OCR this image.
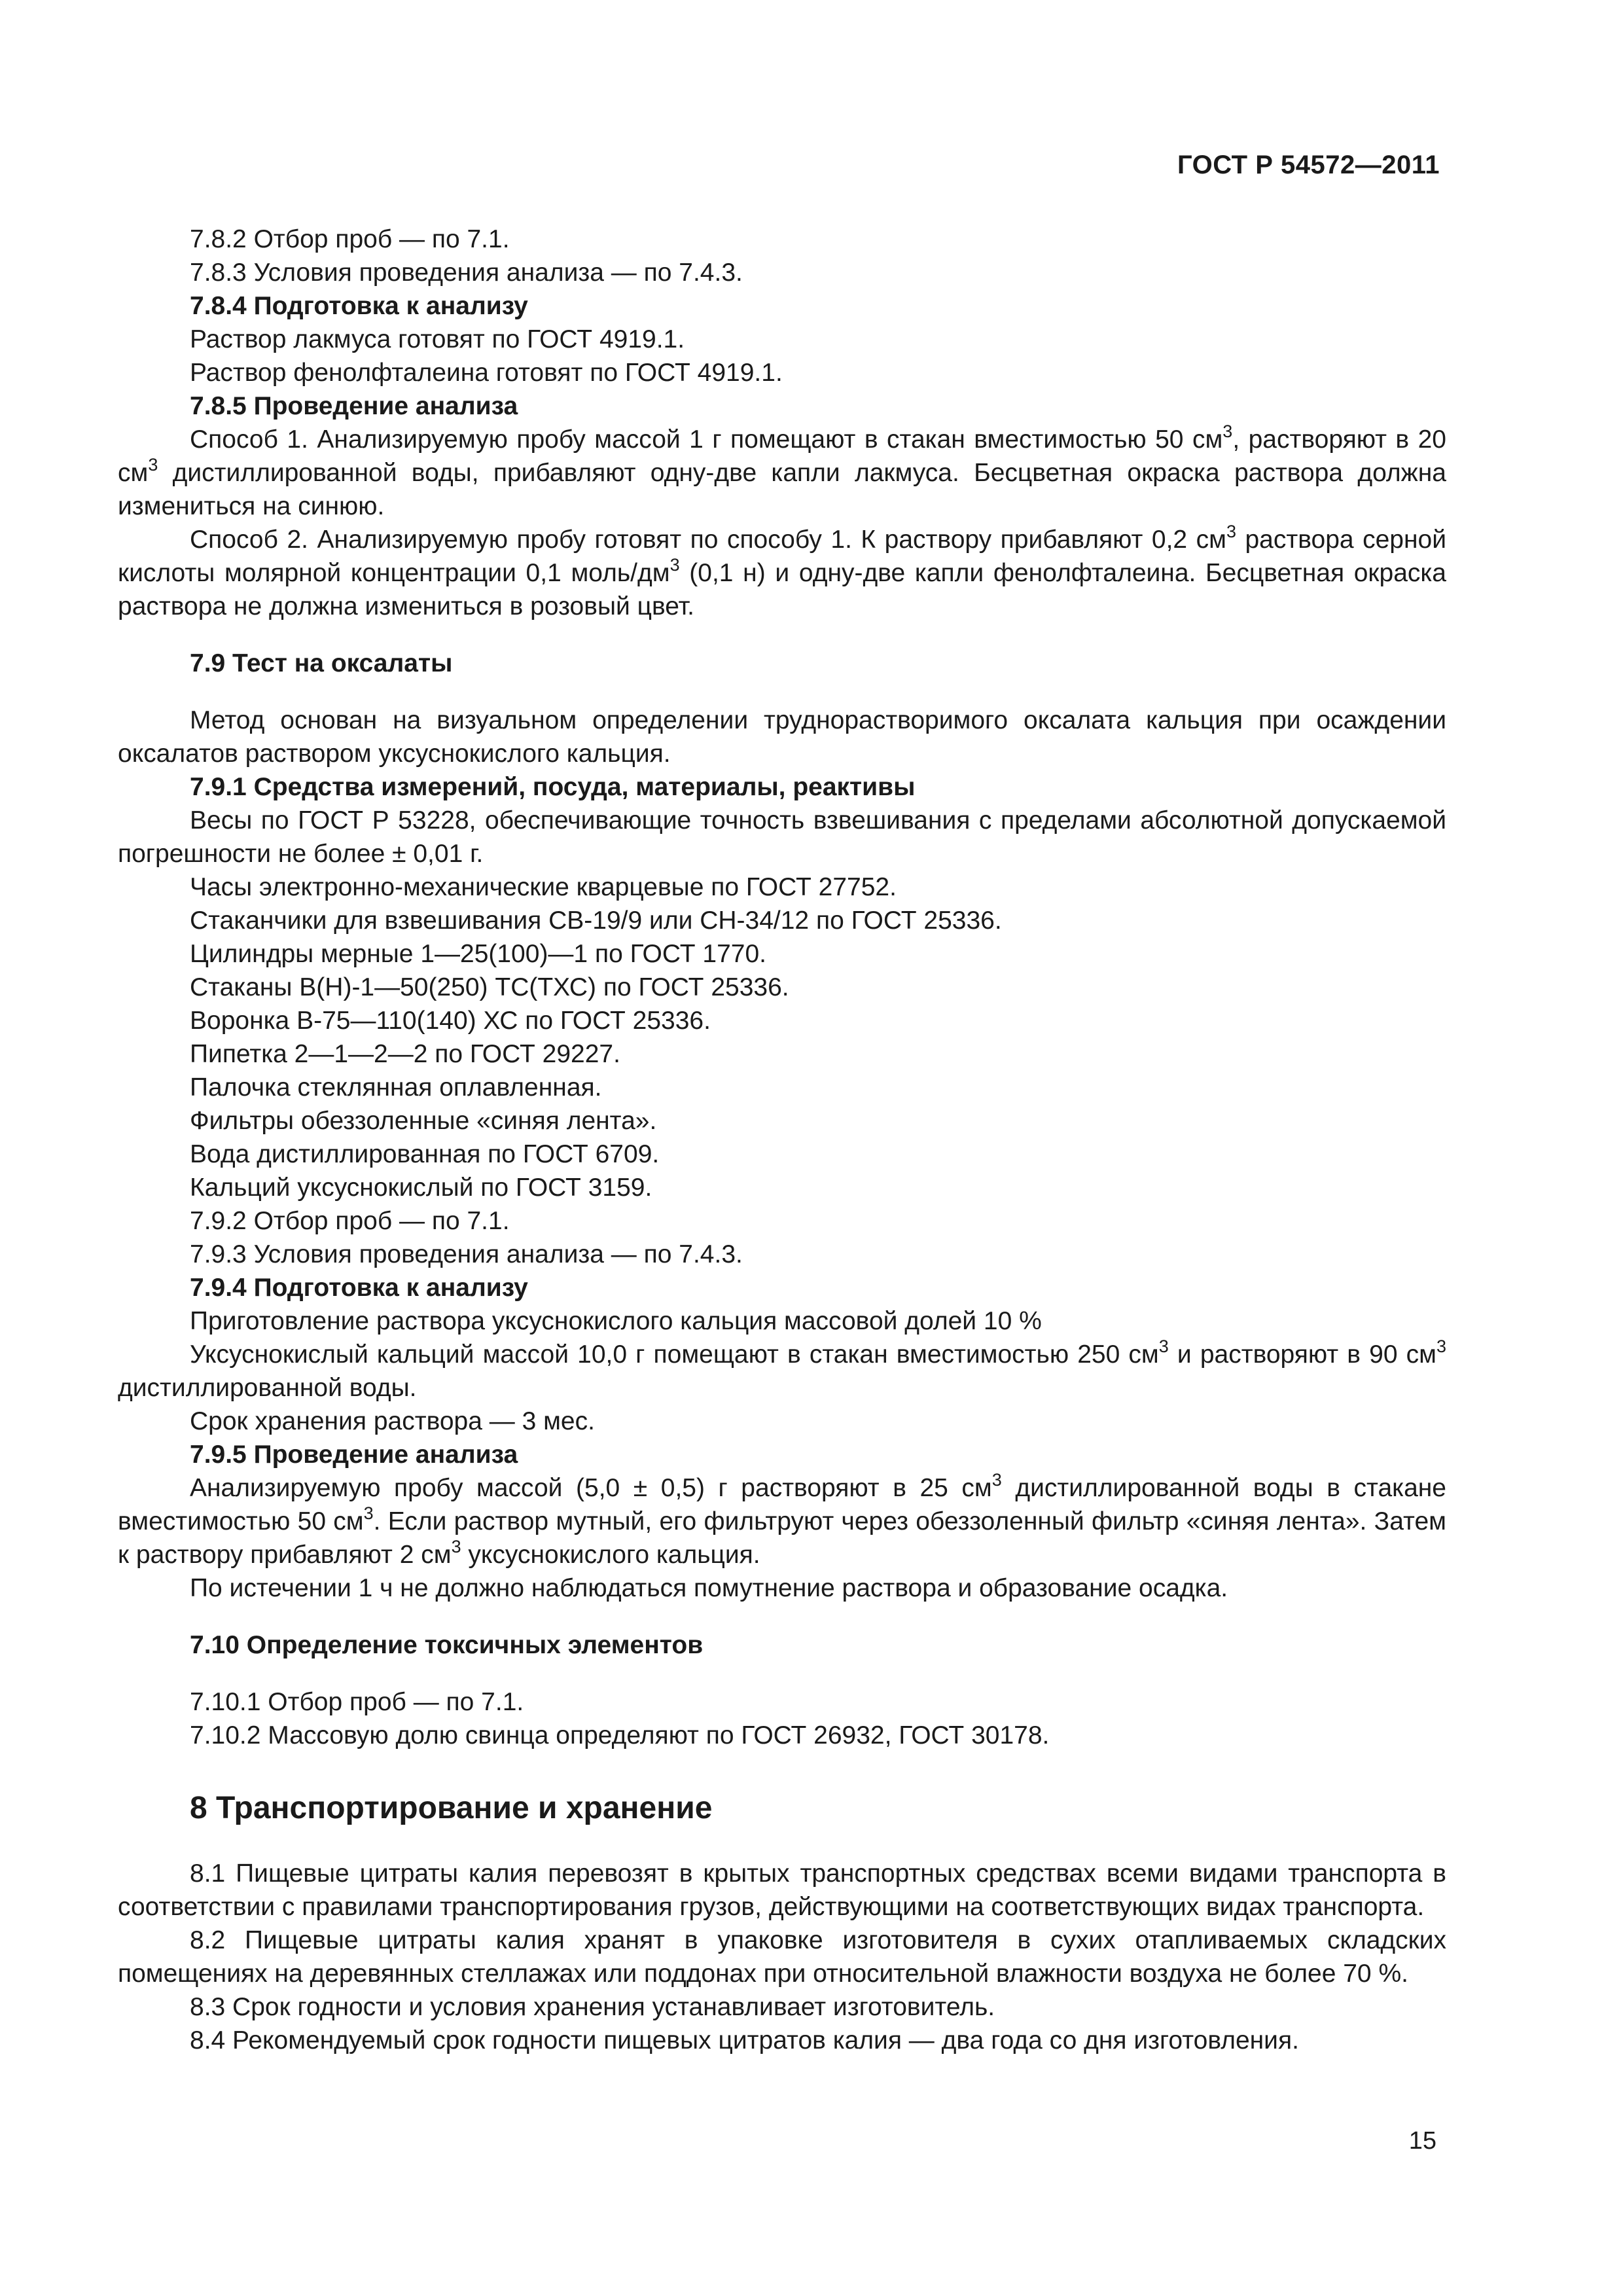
ГОСТ Р 54572—2011

7.8.2 Отбор проб — по 7.1.

7.8.3 Условия проведения анализа — по 7.4.3.

7.8.4 Подготовка к анализу

Раствор лакмуса готовят по ГОСТ 4919.1.

Раствор фенолфталеина готовят по ГОСТ 4919.1.

7.8.5 Проведение анализа

Способ 1. Анализируемую пробу массой 1 г помещают в стакан вместимостью 50 $см^3$, растворяют в 20 $см^3$ дистиллированной воды, прибавляют одну-две капли лакмуса. Бесцветная окраска раствора должна измениться на синюю.

Способ 2. Анализируемую пробу готовят по способу 1. К раствору прибавляют 0,2 $см^3$ раствора серной кислоты молярной концентрации 0,1 моль/$дм^3$ (0,1 н) и одну-две капли фенолфталеина. Бесцветная окраска раствора не должна измениться в розовый цвет.

7.9 Тест на оксалаты

Метод основан на визуальном определении труднорастворимого оксалата кальция при осаждении оксалатов раствором уксуснокислого кальция.

7.9.1 Средства измерений, посуда, материалы, реактивы

Весы по ГОСТ Р 53228, обеспечивающие точность взвешивания с пределами абсолютной допускаемой погрешности не более ± 0,01 г.

Часы электронно-механические кварцевые по ГОСТ 27752.

Стаканчики для взвешивания СВ-19/9 или СН-34/12 по ГОСТ 25336.

Цилиндры мерные 1—25(100)—1 по ГОСТ 1770.

Стаканы В(Н)-1—50(250) ТС(ТХС) по ГОСТ 25336.

Воронка В-75—110(140) ХС по ГОСТ 25336.

Пипетка 2—1—2—2 по ГОСТ 29227.

Палочка стеклянная оплавленная.

Фильтры обеззоленные «синяя лента».

Вода дистиллированная по ГОСТ 6709.

Кальций уксуснокислый по ГОСТ 3159.

7.9.2 Отбор проб — по 7.1.

7.9.3 Условия проведения анализа — по 7.4.3.

7.9.4 Подготовка к анализу

Приготовление раствора уксуснокислого кальция массовой долей 10 %

Уксуснокислый кальций массой 10,0 г помещают в стакан вместимостью 250 $см^3$ и растворяют в 90 $см^3$ дистиллированной воды.

Срок хранения раствора — 3 мес.

7.9.5 Проведение анализа

Анализируемую пробу массой (5,0 ± 0,5) г растворяют в 25 $см^3$ дистиллированной воды в стакане вместимостью 50 $см^3$. Если раствор мутный, его фильтруют через обеззоленный фильтр «синяя лента». Затем к раствору прибавляют 2 $см^3$ уксуснокислого кальция.

По истечении 1 ч не должно наблюдаться помутнение раствора и образование осадка.

7.10 Определение токсичных элементов

7.10.1 Отбор проб — по 7.1.

7.10.2 Массовую долю свинца определяют по ГОСТ 26932, ГОСТ 30178.

8 Транспортирование и хранение

8.1 Пищевые цитраты калия перевозят в крытых транспортных средствах всеми видами транспорта в соответствии с правилами транспортирования грузов, действующими на соответствующих видах транспорта.

8.2 Пищевые цитраты калия хранят в упаковке изготовителя в сухих отапливаемых складских помещениях на деревянных стеллажах или поддонах при относительной влажности воздуха не более 70 %.

8.3 Срок годности и условия хранения устанавливает изготовитель.

8.4 Рекомендуемый срок годности пищевых цитратов калия — два года со дня изготовления.

15
